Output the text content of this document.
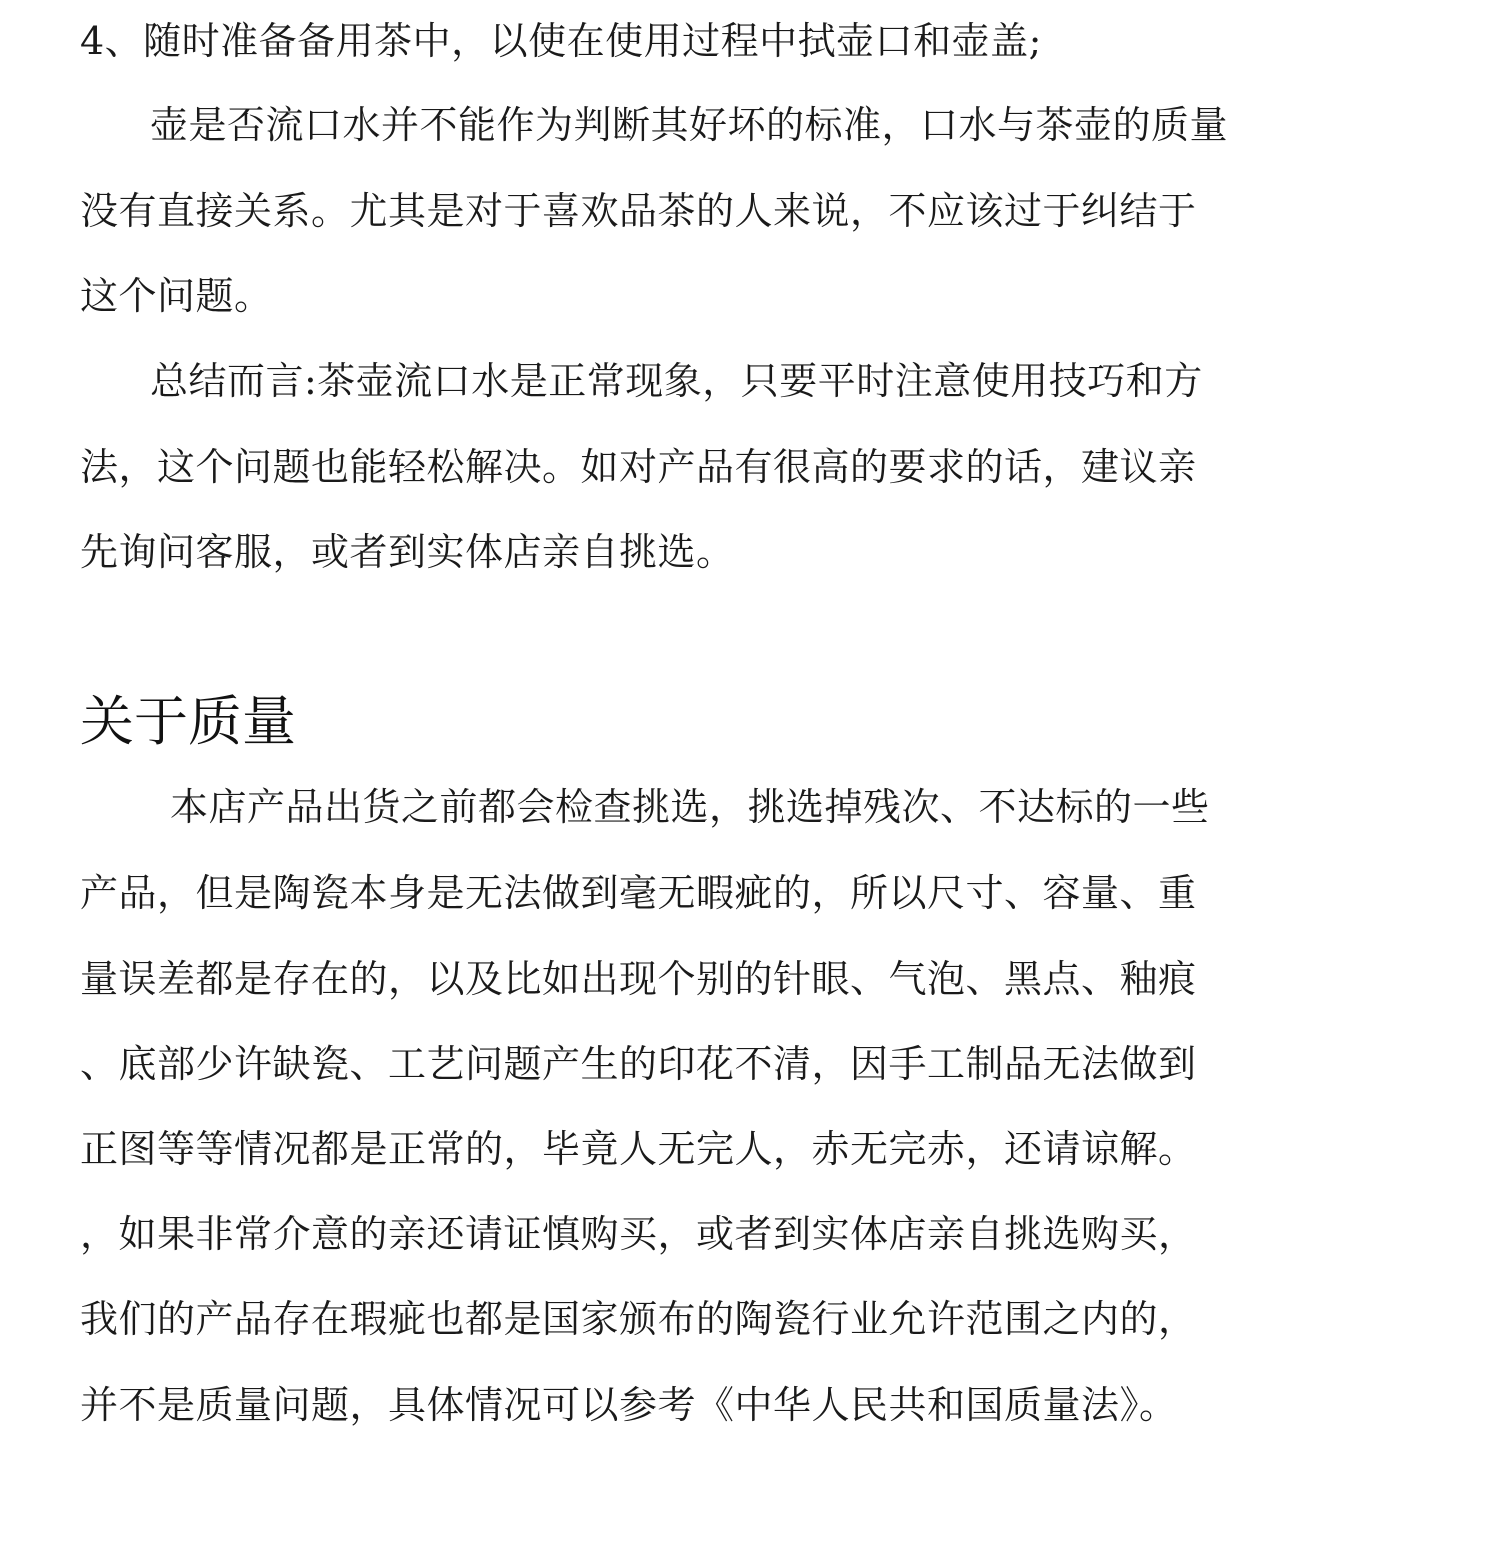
4、随时准备备用茶中，以使在使用过程中拭壶口和壶盖;

壶是否流口水并不能作为判断其好坏的标准，口水与茶壶的质量

没有直接关系。尤其是对于喜欢品茶的人来说，不应该过于纠结于

这个问题。

总结而言:茶壶流口水是正常现象，只要平时注意使用技巧和方

法，这个问题也能轻松解决。如对产品有很高的要求的话，建议亲

先询问客服，或者到实体店亲自挑选。

关于质量

本店产品出货之前都会检查挑选，挑选掉残次、不达标的一些

产品，但是陶瓷本身是无法做到毫无暇疵的，所以尺寸、容量、重

量误差都是存在的，以及比如出现个别的针眼、气泡、黑点、釉痕

、底部少许缺瓷、工艺问题产生的印花不清，因手工制品无法做到

正图等等情况都是正常的，毕竟人无完人，赤无完赤，还请谅解。

，如果非常介意的亲还请证慎购买，或者到实体店亲自挑选购买，

我们的产品存在瑕疵也都是国家颁布的陶瓷行业允许范围之内的，

并不是质量问题，具体情况可以参考《中华人民共和国质量法》。
